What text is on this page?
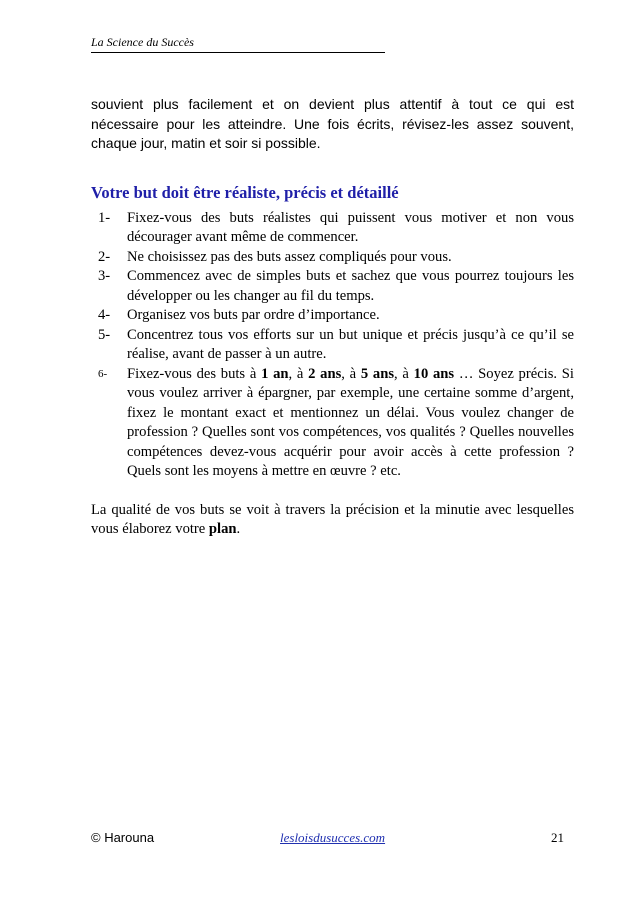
La Science du Succès

souvient plus facilement et on devient plus attentif à tout ce qui est nécessaire pour les atteindre. Une fois écrits, révisez-les assez souvent, chaque jour, matin et soir si possible.

Votre but doit être réaliste, précis et détaillé
1- Fixez-vous des buts réalistes qui puissent vous motiver et non vous décourager avant même de commencer.
2- Ne choisissez pas des buts assez compliqués pour vous.
3- Commencez avec de simples buts et sachez que vous pourrez toujours les développer ou les changer au fil du temps.
4- Organisez vos buts par ordre d’importance.
5- Concentrez tous vos efforts sur un but unique et précis jusqu’à ce qu’il se réalise, avant de passer à un autre.
6- Fixez-vous des buts à 1 an, à 2 ans, à 5 ans, à 10 ans … Soyez précis. Si vous voulez arriver à épargner, par exemple, une certaine somme d’argent, fixez le montant exact et mentionnez un délai. Vous voulez changer de profession ? Quelles sont vos compétences, vos qualités ? Quelles nouvelles compétences devez-vous acquérir pour avoir accès à cette profession ? Quels sont les moyens à mettre en œuvre ? etc.

La qualité de vos buts se voit à travers la précision et la minutie avec lesquelles vous élaborez votre plan.

© Harouna	lesloisdusucces.com	21
